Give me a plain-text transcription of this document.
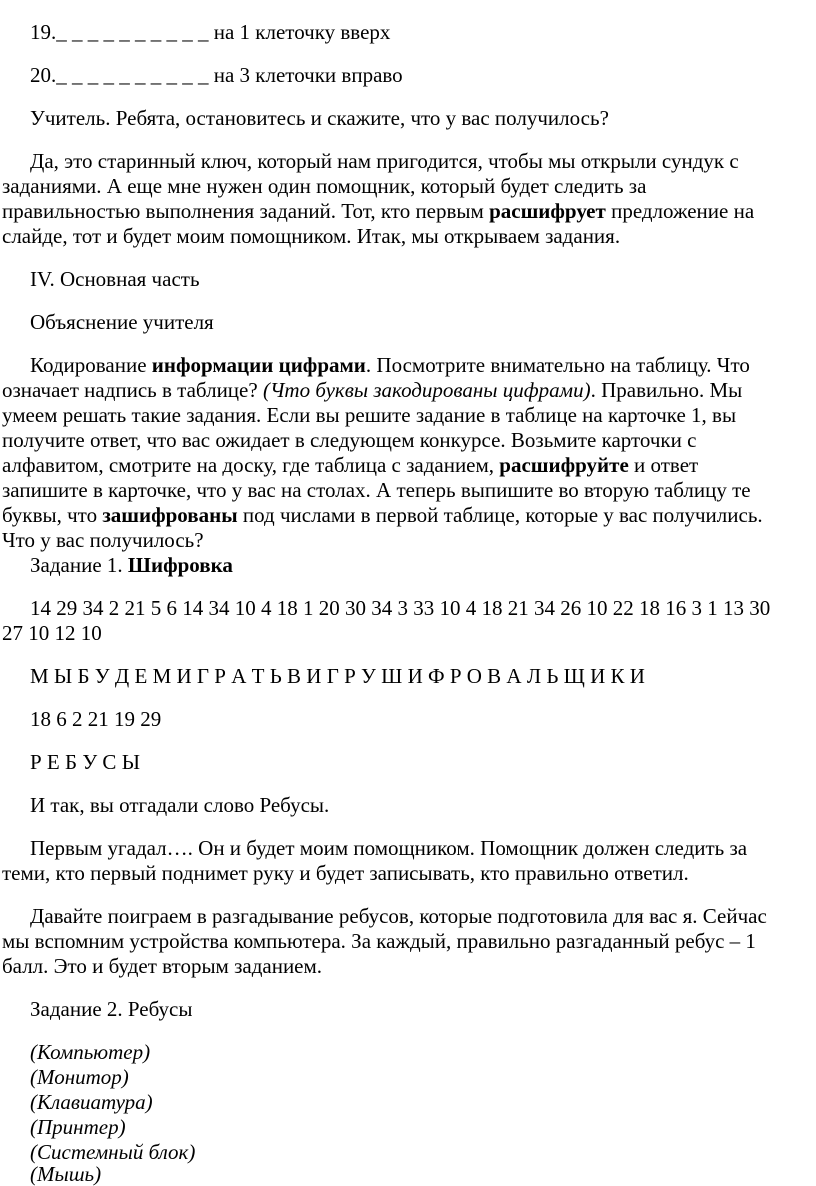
19._ _ _ _ _ _ _ _ _ _ на 1 клеточку вверх
20._ _ _ _ _ _ _ _ _ _ на 3 клеточки вправо
Учитель. Ребята, остановитесь и скажите, что у вас получилось?
Да, это старинный ключ, который нам пригодится, чтобы мы открыли сундук с
заданиями. А еще мне нужен один помощник, который будет следить за
правильностью выполнения заданий. Тот, кто первым расшифрует предложение на
слайде, тот и будет моим помощником. Итак, мы открываем задания.
IV. Основная часть
Объяснение учителя
Кодирование информации цифрами. Посмотрите внимательно на таблицу. Что
означает надпись в таблице? (Что буквы закодированы цифрами). Правильно. Мы
умеем решать такие задания. Если вы решите задание в таблице на карточке 1, вы
получите ответ, что вас ожидает в следующем конкурсе. Возьмите карточки с
алфавитом, смотрите на доску, где таблица с заданием, расшифруйте и ответ
запишите в карточке, что у вас на столах. А теперь выпишите во вторую таблицу те
буквы, что зашифрованы под числами в первой таблице, которые у вас получились.
Что у вас получилось?
Задание 1. Шифровка
14 29 34 2 21 5 6 14 34 10 4 18 1 20 30 34 3 33 10 4 18 21 34 26 10 22 18 16 3 1 13 30
27 10 12 10
М Ы Б У Д Е М И Г Р А Т Ь В И Г Р У Ш И Ф Р О В А Л Ь Щ И К И
18 6 2 21 19 29
Р Е Б У С Ы
И так, вы отгадали слово Ребусы.
Первым угадал…. Он и будет моим помощником. Помощник должен следить за
теми, кто первый поднимет руку и будет записывать, кто правильно ответил.
Давайте поиграем в разгадывание ребусов, которые подготовила для вас я. Сейчас
мы вспомним устройства компьютера. За каждый, правильно разгаданный ребус – 1
балл. Это и будет вторым заданием.
Задание 2. Ребусы
(Компьютер)
(Монитор)
(Клавиатура)
(Принтер)
(Системный блок)
(Мышь)
